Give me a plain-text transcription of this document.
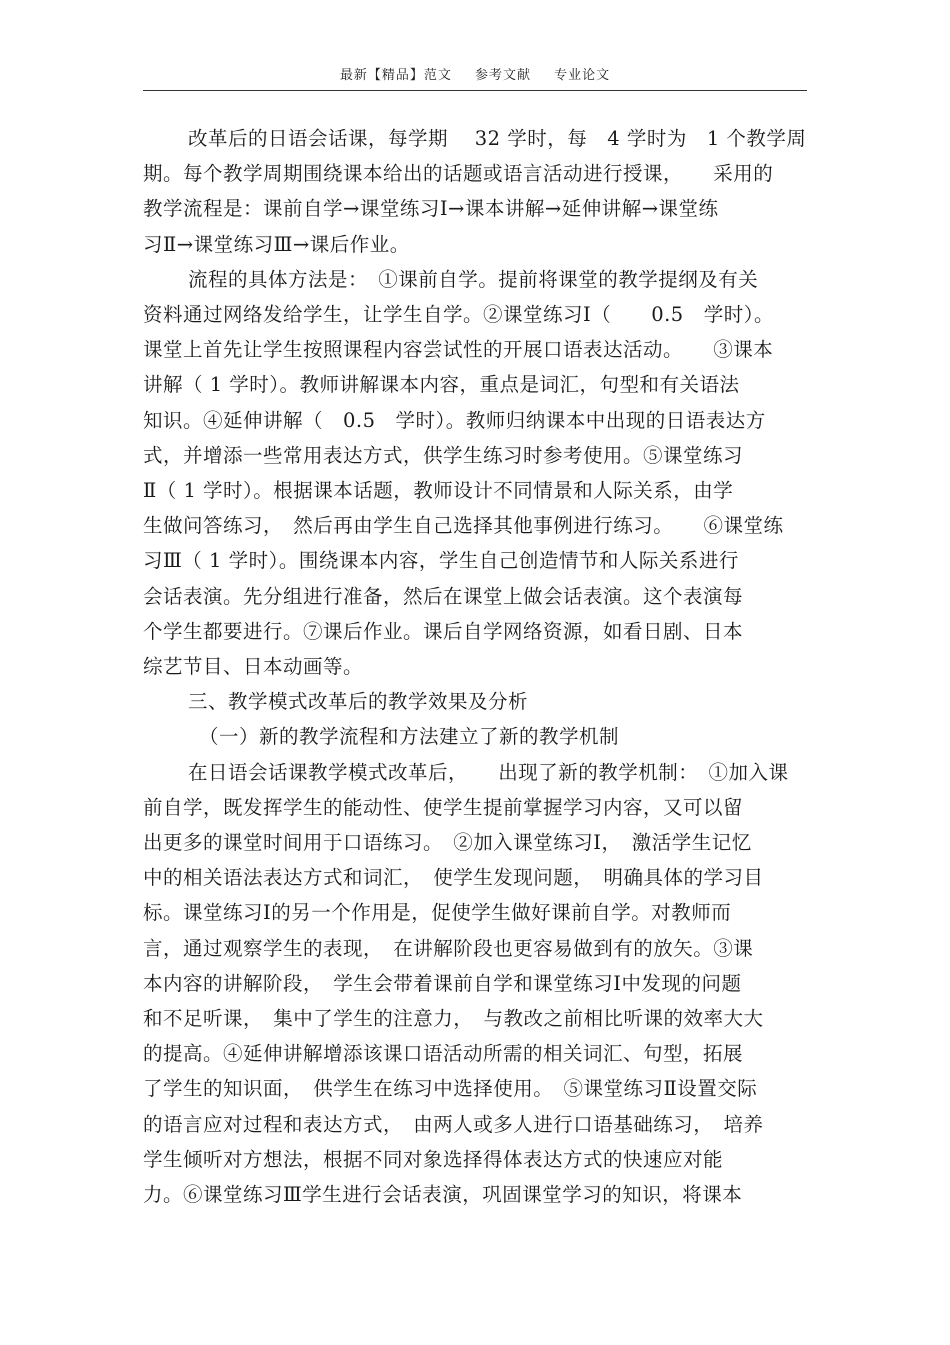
最新【精品】范文 参考文献 专业论文
改革后的日语会话课，每学期　 32 学时，每　4 学时为　1 个教学周
期。每个教学周期围绕课本给出的话题或语言活动进行授课，　　采用的
教学流程是：课前自学→课堂练习Ⅰ→课本讲解→延伸讲解→课堂练
习Ⅱ→课堂练习Ⅲ→课后作业。
流程的具体方法是：　①课前自学。提前将课堂的教学提纲及有关
资料通过网络发给学生，让学生自学。②课堂练习Ⅰ（　　0.5　学时）。
课堂上首先让学生按照课程内容尝试性的开展口语表达活动。　　③课本
讲解（ 1 学时）。教师讲解课本内容，重点是词汇，句型和有关语法
知识。④延伸讲解（　0.5　学时）。教师归纳课本中出现的日语表达方
式，并增添一些常用表达方式，供学生练习时参考使用。⑤课堂练习
Ⅱ（ 1 学时）。根据课本话题，教师设计不同情景和人际关系，由学
生做问答练习，　然后再由学生自己选择其他事例进行练习。　　⑥课堂练
习Ⅲ（ 1 学时）。围绕课本内容，学生自己创造情节和人际关系进行
会话表演。先分组进行准备，然后在课堂上做会话表演。这个表演每
个学生都要进行。⑦课后作业。课后自学网络资源，如看日剧、日本
综艺节目、日本动画等。
三、教学模式改革后的教学效果及分析
（一）新的教学流程和方法建立了新的教学机制
在日语会话课教学模式改革后，　　出现了新的教学机制：　①加入课
前自学，既发挥学生的能动性、使学生提前掌握学习内容，又可以留
出更多的课堂时间用于口语练习。　②加入课堂练习Ⅰ，　激活学生记忆
中的相关语法表达方式和词汇，　使学生发现问题，　明确具体的学习目
标。课堂练习Ⅰ的另一个作用是，促使学生做好课前自学。对教师而
言，通过观察学生的表现，　在讲解阶段也更容易做到有的放矢。③课
本内容的讲解阶段，　学生会带着课前自学和课堂练习Ⅰ中发现的问题
和不足听课，　集中了学生的注意力，　与教改之前相比听课的效率大大
的提高。④延伸讲解增添该课口语活动所需的相关词汇、句型，拓展
了学生的知识面，　供学生在练习中选择使用。　⑤课堂练习Ⅱ设置交际
的语言应对过程和表达方式，　由两人或多人进行口语基础练习，　培养
学生倾听对方想法，根据不同对象选择得体表达方式的快速应对能
力。⑥课堂练习Ⅲ学生进行会话表演，巩固课堂学习的知识，将课本
